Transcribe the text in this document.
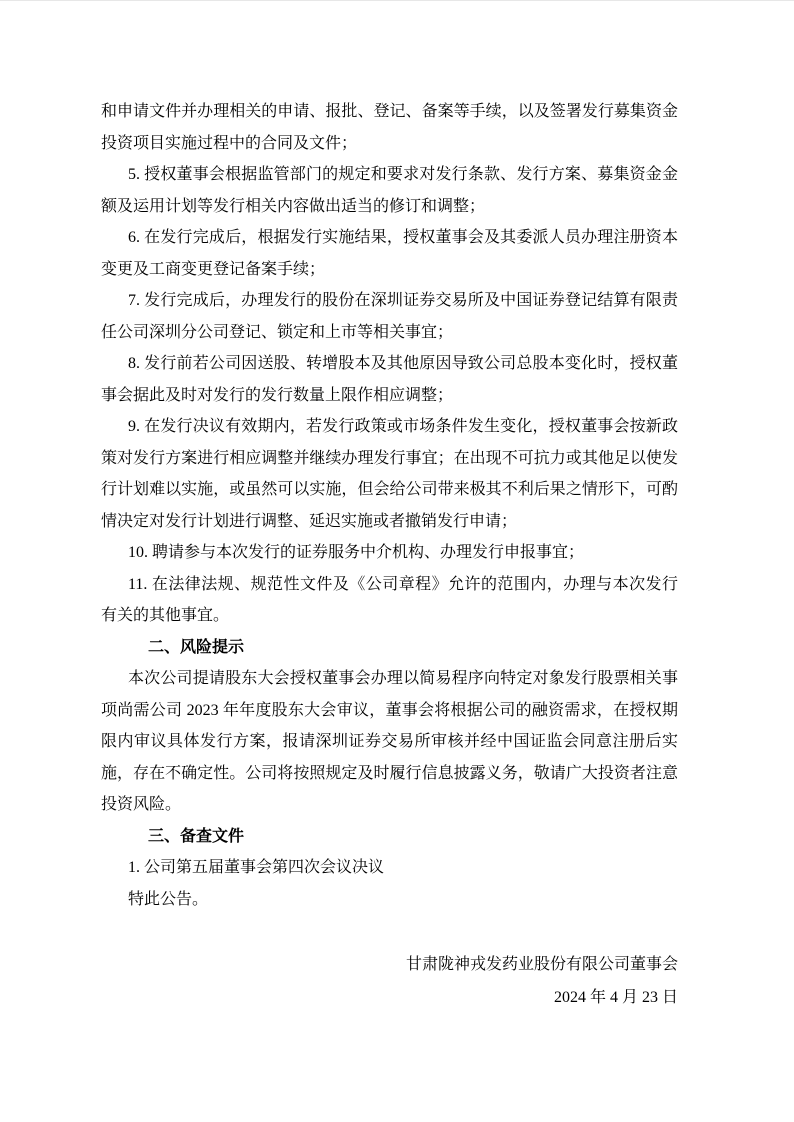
和申请文件并办理相关的申请、报批、登记、备案等手续，以及签署发行募集资金投资项目实施过程中的合同及文件；

5. 授权董事会根据监管部门的规定和要求对发行条款、发行方案、募集资金金额及运用计划等发行相关内容做出适当的修订和调整；

6. 在发行完成后，根据发行实施结果，授权董事会及其委派人员办理注册资本变更及工商变更登记备案手续；

7. 发行完成后，办理发行的股份在深圳证券交易所及中国证券登记结算有限责任公司深圳分公司登记、锁定和上市等相关事宜；

8. 发行前若公司因送股、转增股本及其他原因导致公司总股本变化时，授权董事会据此及时对发行的发行数量上限作相应调整；

9. 在发行决议有效期内，若发行政策或市场条件发生变化，授权董事会按新政策对发行方案进行相应调整并继续办理发行事宜；在出现不可抗力或其他足以使发行计划难以实施，或虽然可以实施，但会给公司带来极其不利后果之情形下，可酌情决定对发行计划进行调整、延迟实施或者撤销发行申请；

10. 聘请参与本次发行的证券服务中介机构、办理发行申报事宜；

11. 在法律法规、规范性文件及《公司章程》允许的范围内，办理与本次发行有关的其他事宜。

二、风险提示

本次公司提请股东大会授权董事会办理以简易程序向特定对象发行股票相关事项尚需公司 2023 年年度股东大会审议，董事会将根据公司的融资需求，在授权期限内审议具体发行方案，报请深圳证券交易所审核并经中国证监会同意注册后实施，存在不确定性。公司将按照规定及时履行信息披露义务，敬请广大投资者注意投资风险。

三、备查文件

1. 公司第五届董事会第四次会议决议

特此公告。

甘肃陇神戎发药业股份有限公司董事会

2024 年 4 月 23 日
